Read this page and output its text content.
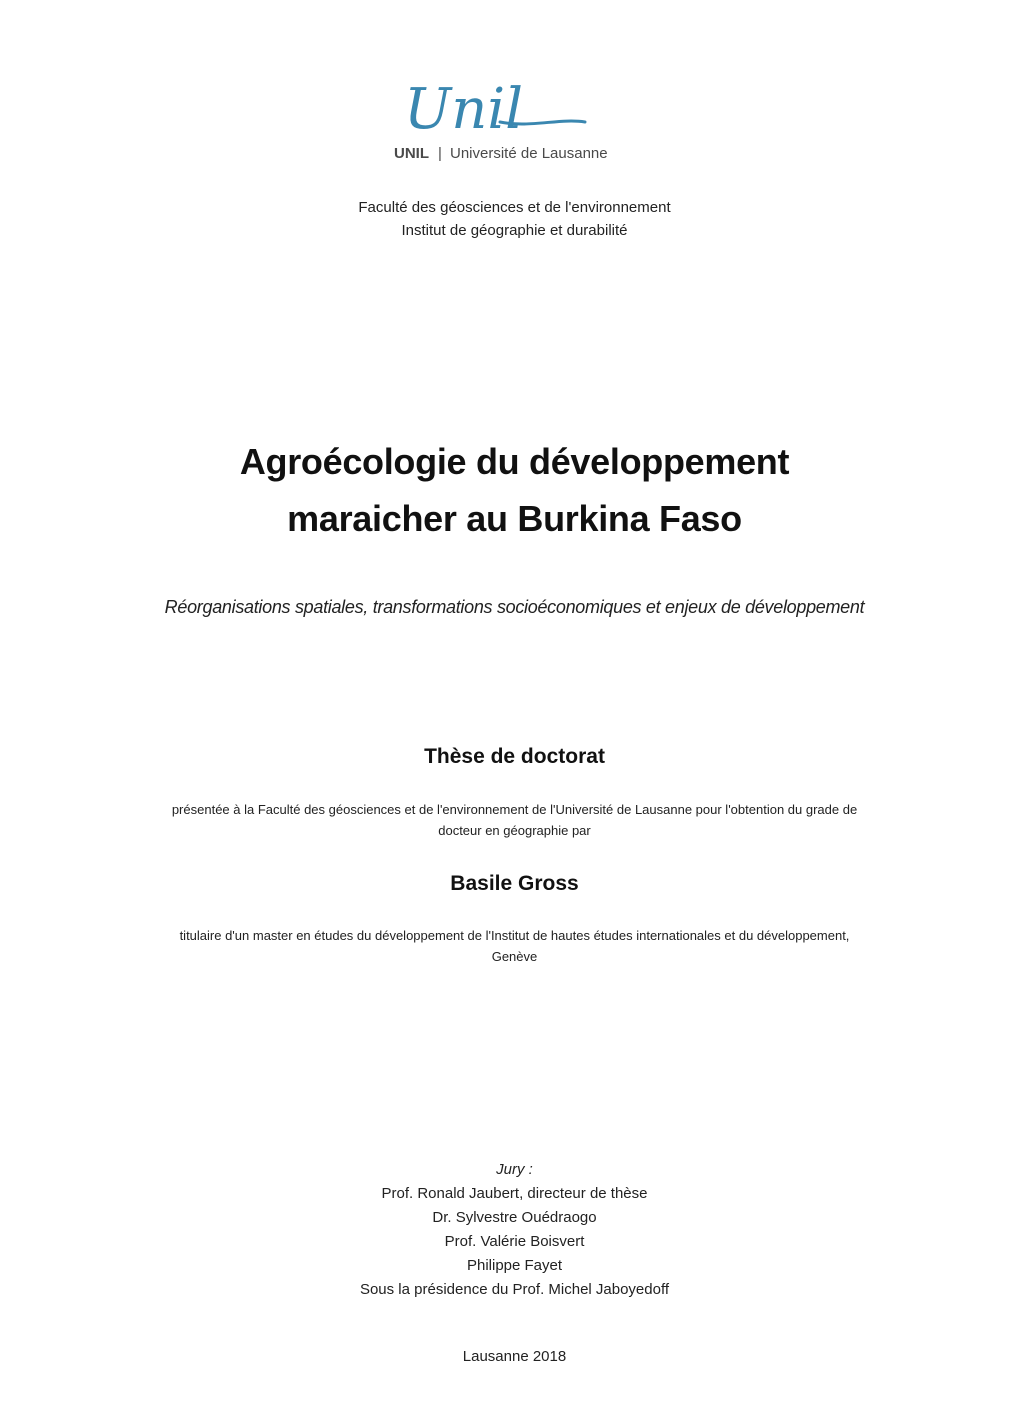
Unil
UNIL | Université de Lausanne
Faculté des géosciences et de l'environnement
Institut de géographie et durabilité
Agroécologie du développement
maraicher au Burkina Faso
Réorganisations spatiales, transformations socioéconomiques et enjeux de développement
Thèse de doctorat
présentée à la Faculté des géosciences et de l'environnement de l'Université de Lausanne pour l'obtention du grade de
docteur en géographie par
Basile Gross
titulaire d'un master en études du développement de l'Institut de hautes études internationales et du développement,
Genève
Jury :
Prof. Ronald Jaubert, directeur de thèse
Dr. Sylvestre Ouédraogo
Prof. Valérie Boisvert
Philippe Fayet
Sous la présidence du Prof. Michel Jaboyedoff
Lausanne 2018
